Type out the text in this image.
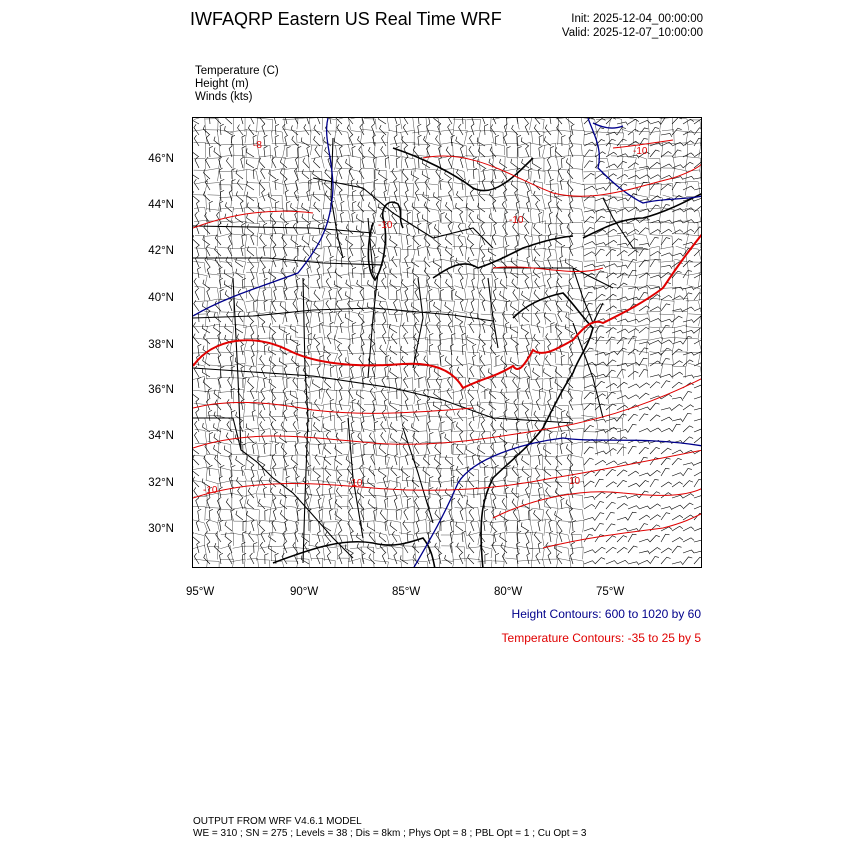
IWFAQRP Eastern US Real Time WRF	Init: 2025-12-04_00:00:00
Valid: 2025-12-07_10:00:00
Temperature (C)
Height (m)
Winds (kts)
-8
-10
-10
-10
-10
-10
10
46°N
44°N
42°N
40°N
38°N
36°N
34°N
32°N
30°N
95°W	90°W	85°W	80°W	75°W
Height Contours: 600 to 1020 by 60
Temperature Contours: -35 to 25 by 5
OUTPUT FROM WRF V4.6.1 MODEL
WE = 310 ; SN = 275 ; Levels = 38 ; Dis = 8km ; Phys Opt = 8 ; PBL Opt = 1 ; Cu Opt = 3
